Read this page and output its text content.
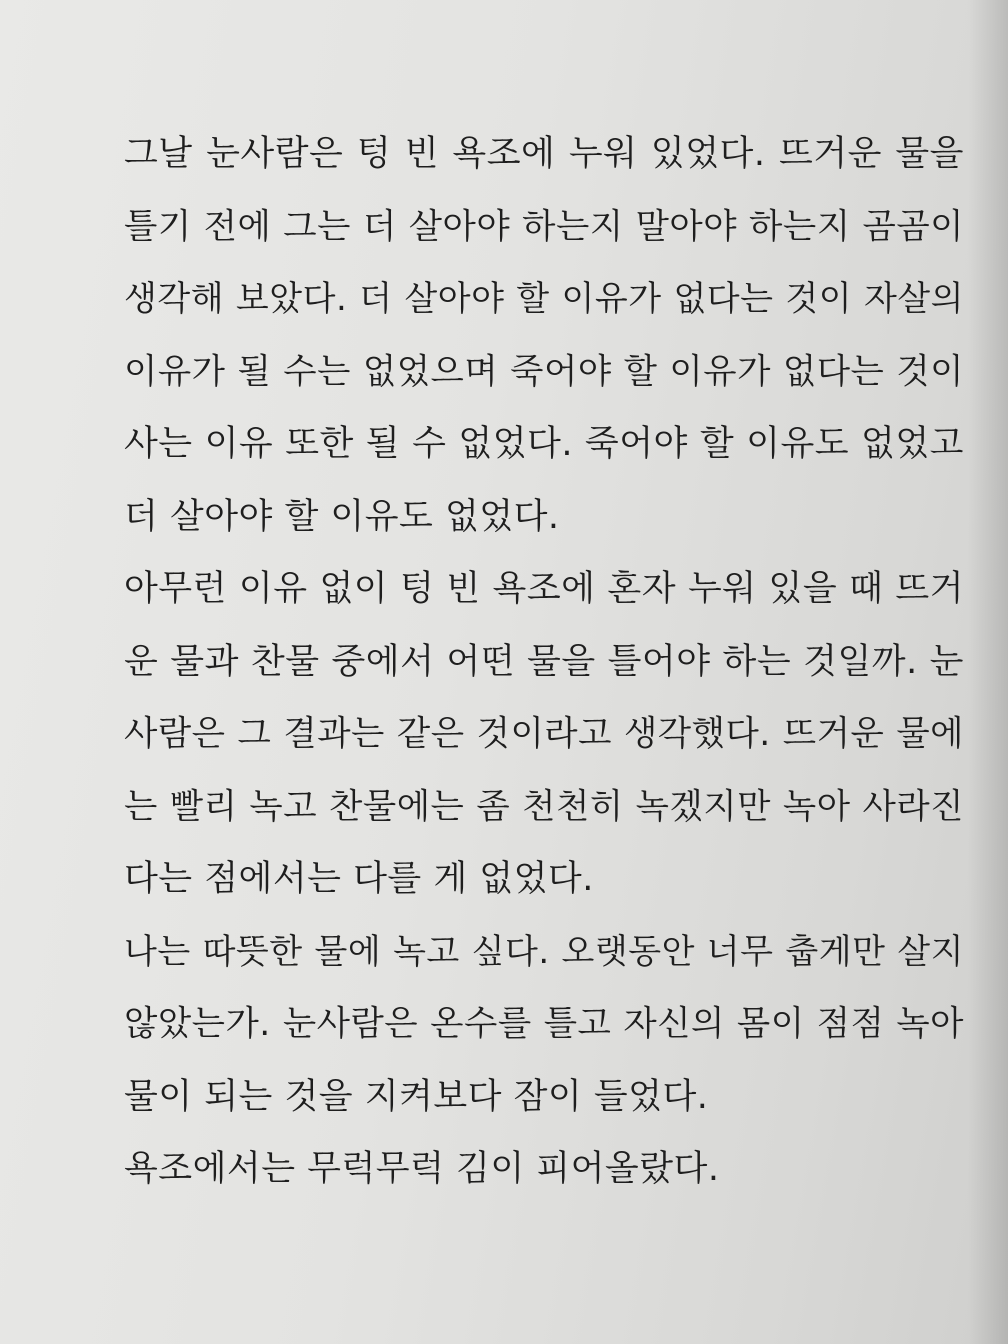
그날 눈사람은 텅 빈 욕조에 누워 있었다. 뜨거운 물을
틀기 전에 그는 더 살아야 하는지 말아야 하는지 곰곰이
생각해 보았다. 더 살아야 할 이유가 없다는 것이 자살의
이유가 될 수는 없었으며 죽어야 할 이유가 없다는 것이
사는 이유 또한 될 수 없었다. 죽어야 할 이유도 없었고
더 살아야 할 이유도 없었다.
아무런 이유 없이 텅 빈 욕조에 혼자 누워 있을 때 뜨거
운 물과 찬물 중에서 어떤 물을 틀어야 하는 것일까. 눈
사람은 그 결과는 같은 것이라고 생각했다. 뜨거운 물에
는 빨리 녹고 찬물에는 좀 천천히 녹겠지만 녹아 사라진
다는 점에서는 다를 게 없었다.
나는 따뜻한 물에 녹고 싶다. 오랫동안 너무 춥게만 살지
않았는가. 눈사람은 온수를 틀고 자신의 몸이 점점 녹아
물이 되는 것을 지켜보다 잠이 들었다.
욕조에서는 무럭무럭 김이 피어올랐다.
